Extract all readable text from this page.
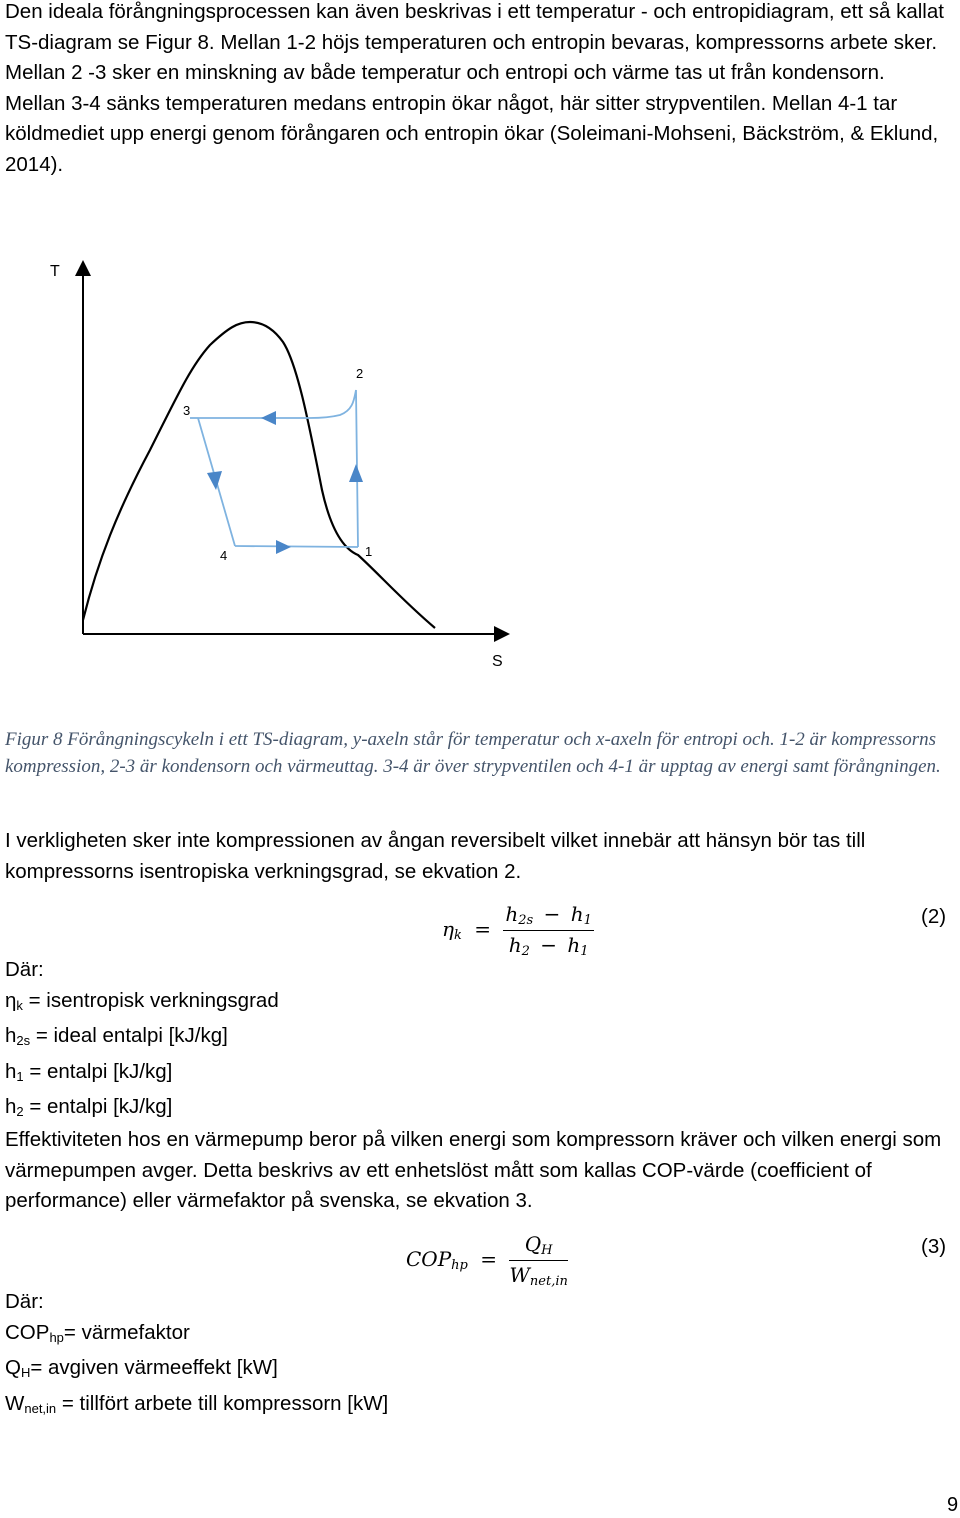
Den ideala förångningsprocessen kan även beskrivas i ett temperatur - och entropidiagram, ett så kallat TS-diagram se Figur 8. Mellan 1-2 höjs temperaturen och entropin bevaras, kompressorns arbete sker. Mellan 2 -3 sker en minskning av både temperatur och entropi och värme tas ut från kondensorn. Mellan 3-4 sänks temperaturen medans entropin ökar något, här sitter strypventilen. Mellan 4-1 tar köldmediet upp energi genom förångaren och entropin ökar (Soleimani-Mohseni, Bäckström, & Eklund, 2014).

T
S
1
2
3
4

Figur 8 Förångningscykeln i ett TS-diagram, y-axeln står för temperatur och x-axeln för entropi och. 1-2 är kompressorns kompression, 2-3 är kondensorn och värmeuttag. 3-4 är över strypventilen och 4-1 är upptag av energi samt förångningen.

I verkligheten sker inte kompressionen av ångan reversibelt vilket innebär att hänsyn bör tas till kompressorns isentropiska verkningsgrad, se ekvation 2.

$\eta_k = \frac{h_{2s} - h_1}{h_2 - h_1}$	(2)
Där:
$\eta_k$ = isentropisk verkningsgrad
$h_{2s}$ = ideal entalpi [kJ/kg]
$h_1$ = entalpi [kJ/kg]
$h_2$ = entalpi [kJ/kg]

Effektiviteten hos en värmepump beror på vilken energi som kompressorn kräver och vilken energi som värmepumpen avger. Detta beskrivs av ett enhetslöst mått som kallas COP-värde (coefficient of performance) eller värmefaktor på svenska, se ekvation 3.

$COP_{hp} = \frac{Q_H}{W_{net,in}}$	(3)
Där:
$COP_{hp}=$ värmefaktor
$Q_H=$ avgiven värmeeffekt [kW]
$W_{net,in}$ = tillfört arbete till kompressorn [kW]
9
